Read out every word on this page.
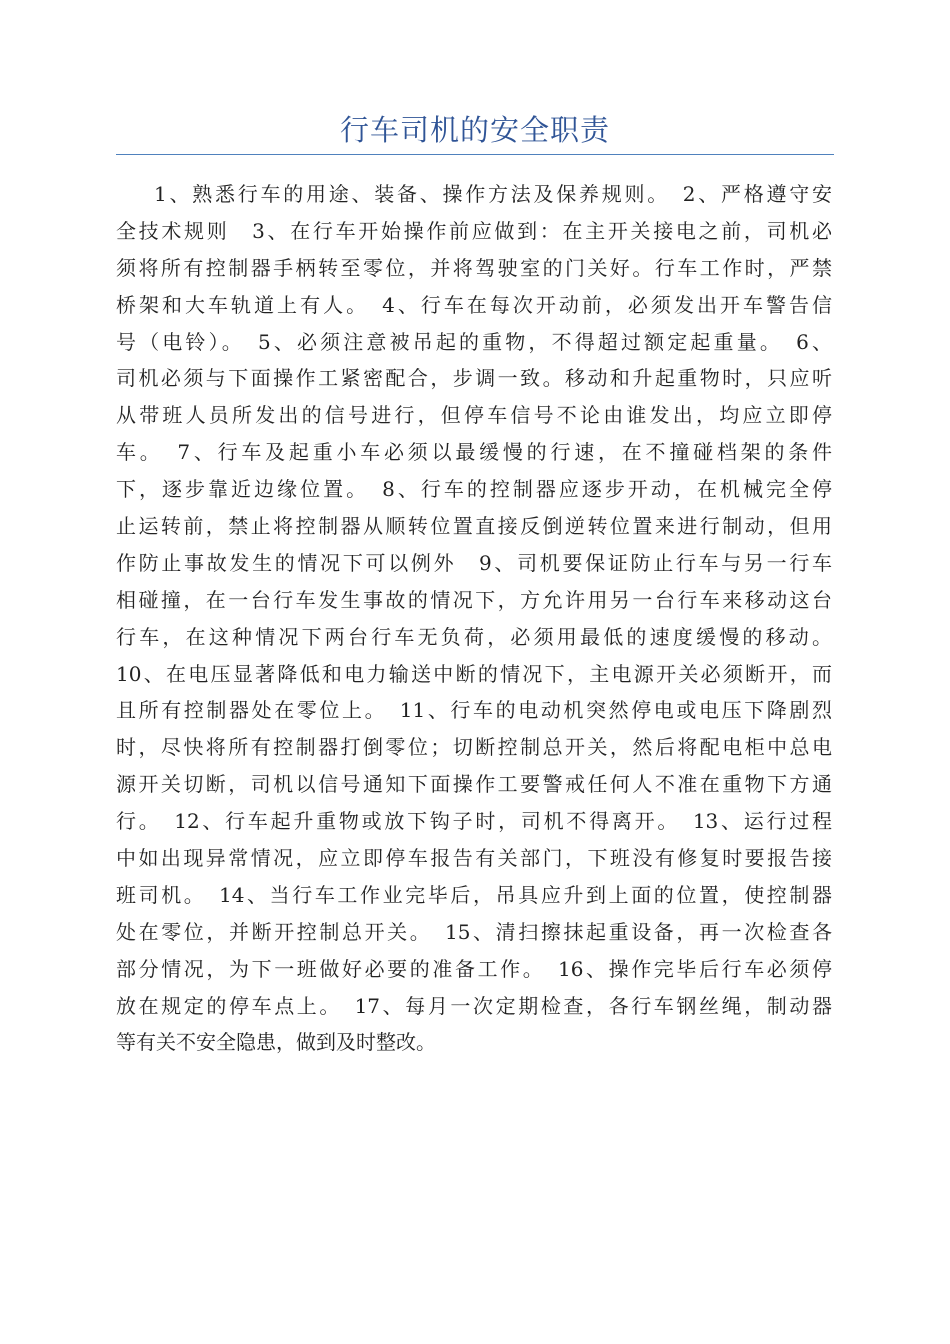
行车司机的安全职责
1、熟悉行车的用途、装备、操作方法及保养规则。　2、严格遵守安
全技术规则　3、在行车开始操作前应做到：在主开关接电之前，司机必
须将所有控制器手柄转至零位，并将驾驶室的门关好。行车工作时，严禁
桥架和大车轨道上有人。　4、行车在每次开动前，必须发出开车警告信
号（电铃）。　5、必须注意被吊起的重物，不得超过额定起重量。　6、
司机必须与下面操作工紧密配合，步调一致。移动和升起重物时，只应听
从带班人员所发出的信号进行，但停车信号不论由谁发出，均应立即停
车。　7、行车及起重小车必须以最缓慢的行速，在不撞碰档架的条件
下，逐步靠近边缘位置。　8、行车的控制器应逐步开动，在机械完全停
止运转前，禁止将控制器从顺转位置直接反倒逆转位置来进行制动，但用
作防止事故发生的情况下可以例外　9、司机要保证防止行车与另一行车
相碰撞，在一台行车发生事故的情况下，方允许用另一台行车来移动这台
行车，在这种情况下两台行车无负荷，必须用最低的速度缓慢的移动。
10、在电压显著降低和电力输送中断的情况下，主电源开关必须断开，而
且所有控制器处在零位上。　11、行车的电动机突然停电或电压下降剧烈
时，尽快将所有控制器打倒零位；切断控制总开关，然后将配电柜中总电
源开关切断，司机以信号通知下面操作工要警戒任何人不准在重物下方通
行。　12、行车起升重物或放下钩子时，司机不得离开。　13、运行过程
中如出现异常情况，应立即停车报告有关部门，下班没有修复时要报告接
班司机。　14、当行车工作业完毕后，吊具应升到上面的位置，使控制器
处在零位，并断开控制总开关。　15、清扫擦抹起重设备，再一次检查各
部分情况，为下一班做好必要的准备工作。　16、操作完毕后行车必须停
放在规定的停车点上。　17、每月一次定期检查，各行车钢丝绳，制动器
等有关不安全隐患，做到及时整改。
